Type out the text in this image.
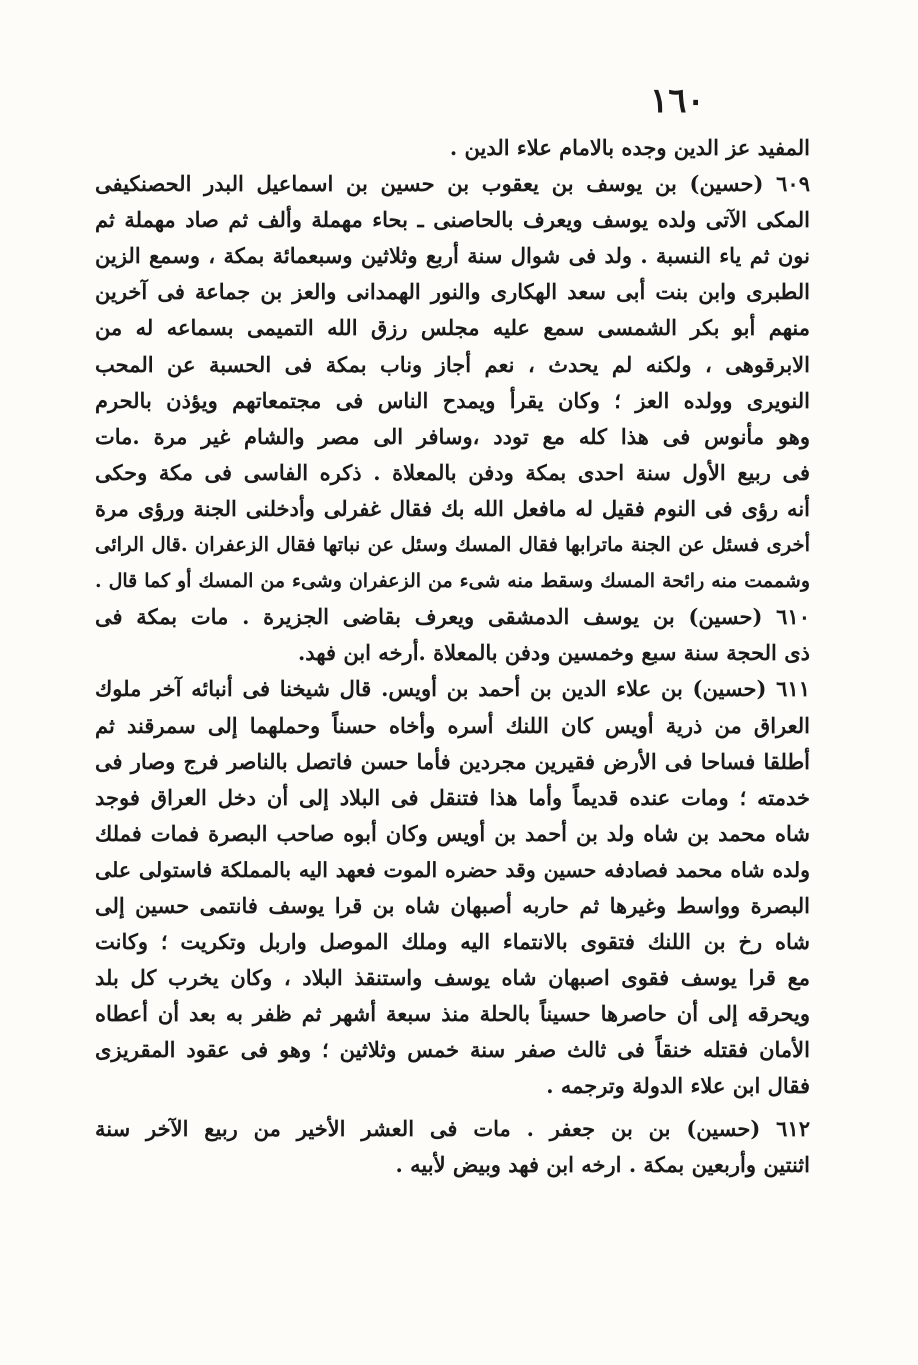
١٦٠
المفيد عز الدين وجده بالامام علاء الدين .
٦٠٩ (حسين) بن يوسف بن يعقوب بن حسين بن اسماعيل البدر الحصنكيفى
المكى الآتى ولده يوسف ويعرف بالحاصنى ـ بحاء مهملة وألف ثم صاد مهملة ثم
نون ثم ياء النسبة . ولد فى شوال سنة أربع وثلاثين وسبعمائة بمكة ، وسمع الزين
الطبرى وابن بنت أبى سعد الهكارى والنور الهمدانى والعز بن جماعة فى آخرين
منهم أبو بكر الشمسى سمع عليه مجلس رزق الله التميمى بسماعه له من
الابرقوهى ، ولكنه لم يحدث ، نعم أجاز وناب بمكة فى الحسبة عن المحب
النويرى وولده العز ؛ وكان يقرأ ويمدح الناس فى مجتمعاتهم ويؤذن بالحرم
وهو مأنوس فى هذا كله مع تودد ،وسافر الى مصر والشام غير مرة .مات
فى ربيع الأول سنة احدى بمكة ودفن بالمعلاة . ذكره الفاسى فى مكة وحكى
أنه رؤى فى النوم فقيل له مافعل الله بك فقال غفرلى وأدخلنى الجنة ورؤى مرة
أخرى فسئل عن الجنة ماترابها فقال المسك وسئل عن نباتها فقال الزعفران .قال الرائى
وشممت منه رائحة المسك وسقط منه شىء من الزعفران وشىء من المسك أو كما قال .
٦١٠ (حسين) بن يوسف الدمشقى ويعرف بقاضى الجزيرة . مات بمكة فى
ذى الحجة سنة سبع وخمسين ودفن بالمعلاة .أرخه ابن فهد.
٦١١ (حسين) بن علاء الدين بن أحمد بن أويس. قال شيخنا فى أنبائه آخر ملوك
العراق من ذرية أويس كان اللنك أسره وأخاه حسناً وحملهما إلى سمرقند ثم
أطلقا فساحا فى الأرض فقيرين مجردين فأما حسن فاتصل بالناصر فرج وصار فى
خدمته ؛ ومات عنده قديماً وأما هذا فتنقل فى البلاد إلى أن دخل العراق فوجد
شاه محمد بن شاه ولد بن أحمد بن أويس وكان أبوه صاحب البصرة فمات فملك
ولده شاه محمد فصادفه حسين وقد حضره الموت فعهد اليه بالمملكة فاستولى على
البصرة وواسط وغيرها ثم حاربه أصبهان شاه بن قرا يوسف فانتمى حسين إلى
شاه رخ بن اللنك فتقوى بالانتماء اليه وملك الموصل واربل وتكريت ؛ وكانت
مع قرا يوسف فقوى اصبهان شاه يوسف واستنقذ البلاد ، وكان يخرب كل بلد
ويحرقه إلى أن حاصرها حسيناً بالحلة منذ سبعة أشهر ثم ظفر به بعد أن أعطاه
الأمان فقتله خنقاً فى ثالث صفر سنة خمس وثلاثين ؛ وهو فى عقود المقريزى
فقال ابن علاء الدولة وترجمه .
٦١٢ (حسين) بن بن جعفر . مات فى العشر الأخير من ربيع الآخر سنة
اثنتين وأربعين بمكة . ارخه ابن فهد وبيض لأبيه .
